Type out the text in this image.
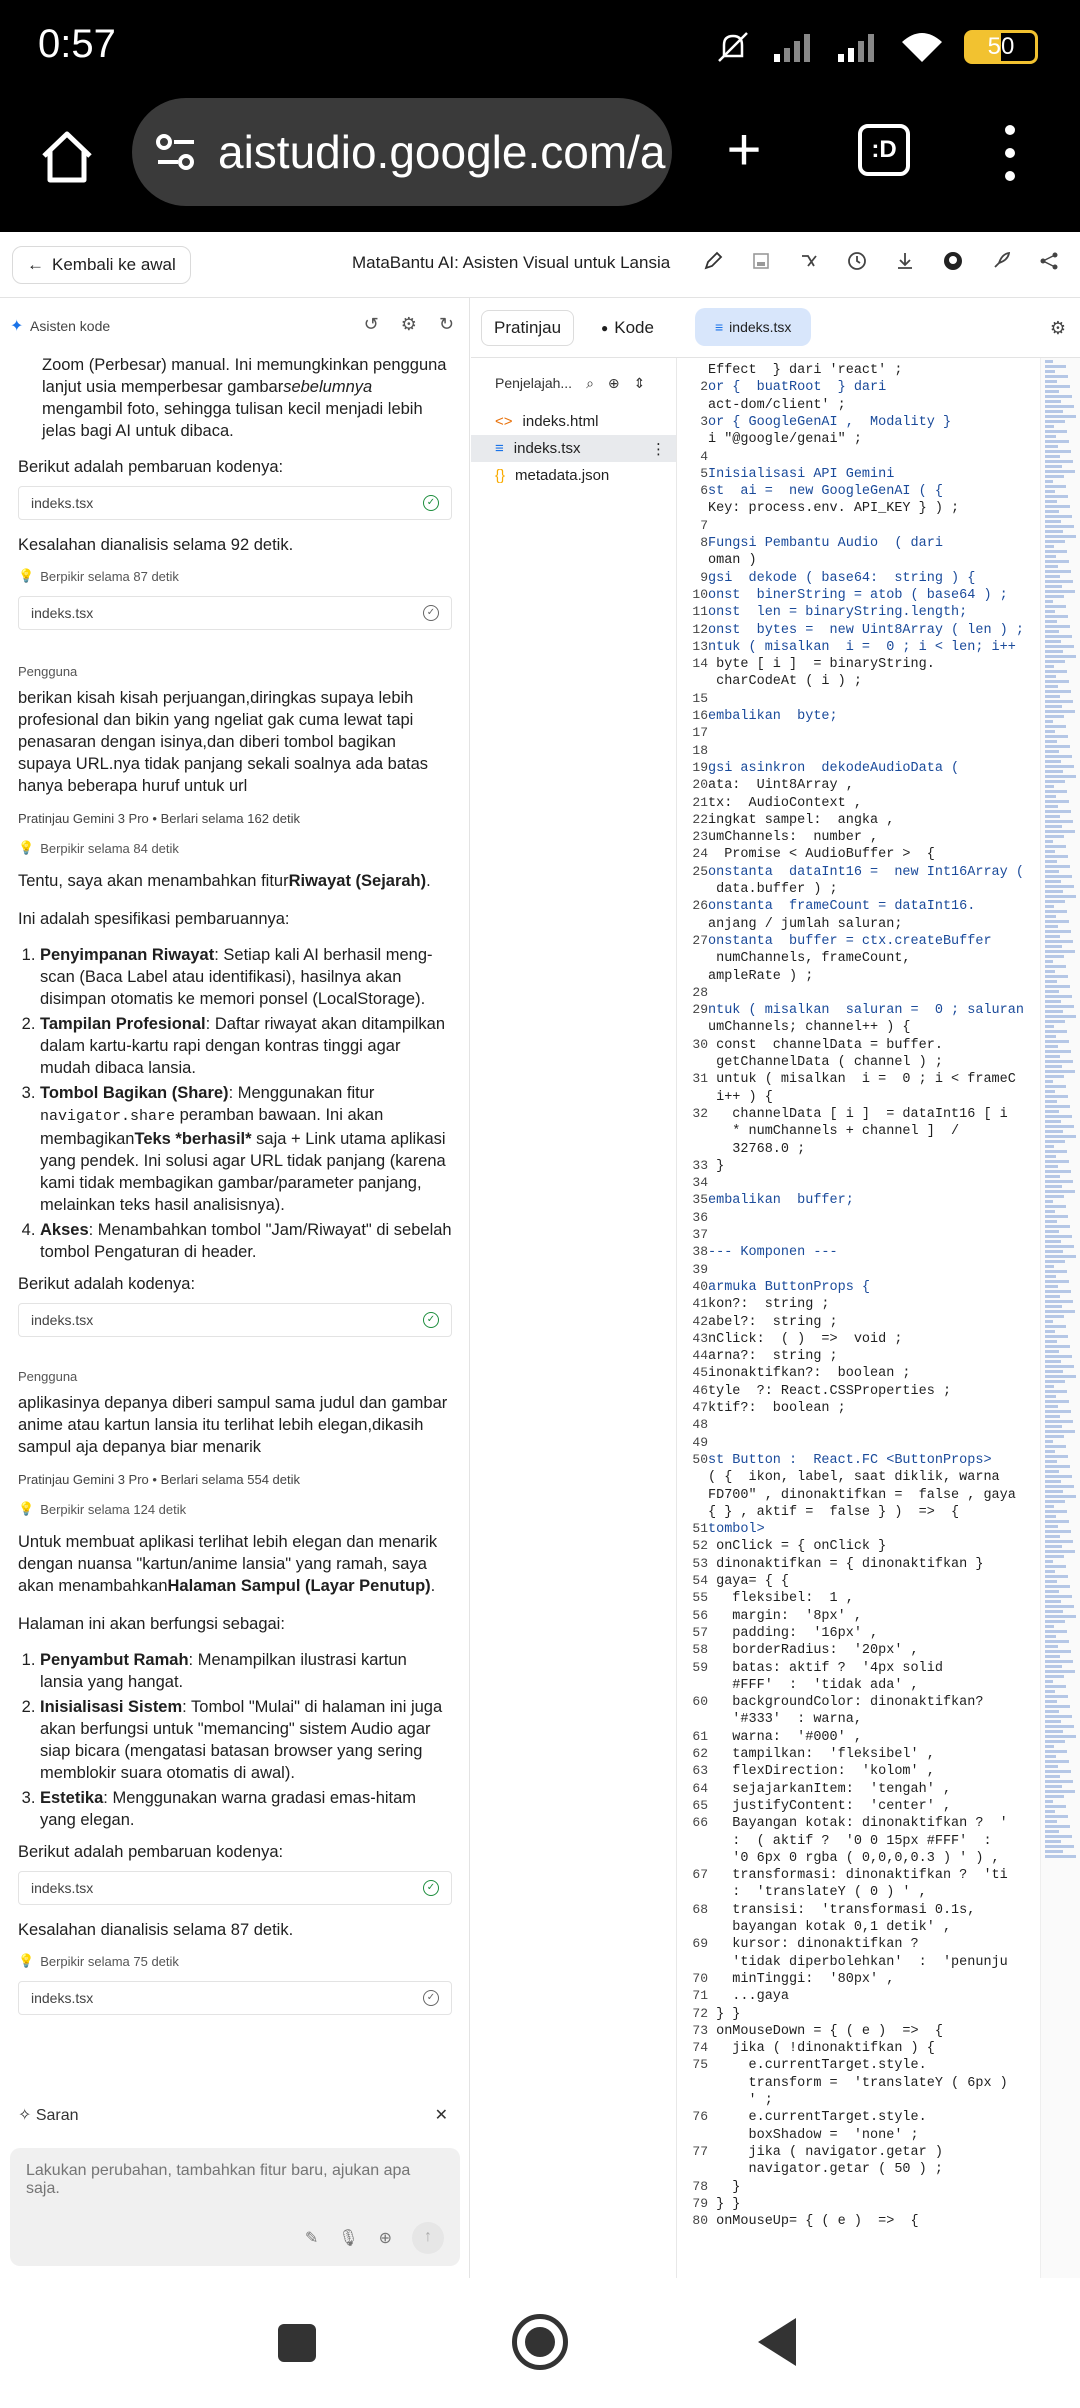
0:57	50
aistudio.google.com/a +	:D
← Kembali ke awal	MataBantu AI: Asisten Visual untuk Lansia
✦ Asisten kode	↺ ⚙ ↻

Zoom (Perbesar) manual. Ini memungkinkan pengguna lanjut usia memperbesar gambarsebelumnya mengambil foto, sehingga tulisan kecil menjadi lebih jelas bagi AI untuk dibaca.

Berikut adalah pembaruan kodenya:

indeks.tsx	✓

Kesalahan dianalisis selama 92 detik.

💡 Berpikir selama 87 detik
indeks.tsx	✓
Pengguna

berikan kisah kisah perjuangan,diringkas supaya lebih profesional dan bikin yang ngeliat gak cuma lewat tapi penasaran dengan isinya,dan diberi tombol bagikan supaya URL.nya tidak panjang sekali soalnya ada batas hanya beberapa huruf untuk url

Pratinjau Gemini 3 Pro • Berlari selama 162 detik
💡 Berpikir selama 84 detik

Tentu, saya akan menambahkan fiturRiwayat (Sejarah).

Ini adalah spesifikasi pembaruannya:

1. Penyimpanan Riwayat: Setiap kali AI berhasil meng-scan (Baca Label atau identifikasi), hasilnya akan disimpan otomatis ke memori ponsel (LocalStorage).
2. Tampilan Profesional: Daftar riwayat akan ditampilkan dalam kartu-kartu rapi dengan kontras tinggi agar mudah dibaca lansia.
3. Tombol Bagikan (Share): Menggunakan fitur navigator.share peramban bawaan. Ini akan membagikanTeks *berhasil* saja + Link utama aplikasi yang pendek. Ini solusi agar URL tidak panjang (karena kami tidak membagikan gambar/parameter panjang, melainkan teks hasil analisisnya).
4. Akses: Menambahkan tombol "Jam/Riwayat" di sebelah tombol Pengaturan di header.

Berikut adalah kodenya:

indeks.tsx	✓
Pengguna

aplikasinya depanya diberi sampul sama judul dan gambar anime atau kartun lansia itu terlihat lebih elegan,dikasih sampul aja depanya biar menarik

Pratinjau Gemini 3 Pro • Berlari selama 554 detik
💡 Berpikir selama 124 detik

Untuk membuat aplikasi terlihat lebih elegan dan menarik dengan nuansa "kartun/anime lansia" yang ramah, saya akan menambahkanHalaman Sampul (Layar Penutup).

Halaman ini akan berfungsi sebagai:

1. Penyambut Ramah: Menampilkan ilustrasi kartun lansia yang hangat.
2. Inisialisasi Sistem: Tombol "Mulai" di halaman ini juga akan berfungsi untuk "memancing" sistem Audio agar siap bicara (mengatasi batasan browser yang sering memblokir suara otomatis di awal).
3. Estetika: Menggunakan warna gradasi emas-hitam yang elegan.

Berikut adalah pembaruan kodenya:

indeks.tsx	✓

Kesalahan dianalisis selama 87 detik.

💡 Berpikir selama 75 detik
indeks.tsx	✓
✧ Saran	✕
Lakukan perubahan, tambahkan fitur baru, ajukan apa saja.
✎ 🎙 ⊕	↑
Pratinjau	● Kode	≡ indeks.tsx	⚙
Penjelajah... ⌕ ⊕ ⇕
<> indeks.html
≡ indeks.tsx	⋮
{} metadata.json
Effect  } dari 'react' ;
2 or {  buatRoot  } dari
act-dom/client' ;
3 or { GoogleGenAI ,  Modality }
i "@google/genai" ;
4
5 Inisialisasi API Gemini
6 st  ai =  new GoogleGenAI ( {
Key: process.env. API_KEY } ) ;
7
8 Fungsi Pembantu Audio  ( dari
oman )
9 gsi  dekode ( base64:  string ) {
10 onst  binerString = atob ( base64 ) ;
11 onst  len = binaryString.length;
12 onst  bytes =  new Uint8Array ( len ) ;
13 ntuk ( misalkan  i =  0 ; i < len; i++
14 byte [ i ]  = binaryString.
charCodeAt ( i ) ;
15
16 embalikan  byte;
17
18
19 gsi asinkron  dekodeAudioData (
20 ata:  Uint8Array ,
21 tx:  AudioContext ,
22 ingkat sampel:  angka ,
23 umChannels:  number ,
24 Promise < AudioBuffer >  {
25 onstanta  dataInt16 =  new Int16Array (
data.buffer ) ;
26 onstanta  frameCount = dataInt16.
anjang / jumlah saluran;
27 onstanta  buffer = ctx.createBuffer
numChannels, frameCount,
ampleRate ) ;
28
29 ntuk ( misalkan  saluran =  0 ; saluran
umChannels; channel++ ) {
30 const  channelData = buffer.
getChannelData ( channel ) ;
31 untuk ( misalkan  i =  0 ; i < frameC
i++ ) {
32 channelData [ i ]  = dataInt16 [ i
* numChannels + channel ]  /
32768.0 ;
33 }
34
35 embalikan  buffer;
36
37
38 --- Komponen ---
39
40 armuka ButtonProps {
41 kon?:  string ;
42 abel?:  string ;
43 nClick:  ( )  =>  void ;
44 arna?:  string ;
45 inonaktifkan?:  boolean ;
46 tyle  ?: React.CSSProperties ;
47 ktif?:  boolean ;
48
49
50 st Button :  React.FC <ButtonProps>
( {  ikon, label, saat diklik, warna
FD700" , dinonaktifkan =  false , gaya
{ } , aktif =  false } )  =>  {
51 tombol>
52 onClick = { onClick }
53 dinonaktifkan = { dinonaktifkan }
54 gaya= { {
55 fleksibel:  1 ,
56 margin:  '8px' ,
57 padding:  '16px' ,
58 borderRadius:  '20px' ,
59 batas: aktif ?  '4px solid
#FFF'  :  'tidak ada' ,
60 backgroundColor: dinonaktifkan?
'#333'  : warna,
61 warna:  '#000' ,
62 tampilkan:  'fleksibel' ,
63 flexDirection:  'kolom' ,
64 sejajarkanItem:  'tengah' ,
65 justifyContent:  'center' ,
66 Bayangan kotak: dinonaktifkan ?  '
:  ( aktif ?  '0 0 15px #FFF'  :
'0 6px 0 rgba ( 0,0,0,0.3 ) ' ) ,
67 transformasi: dinonaktifkan ?  'ti
:  'translateY ( 0 ) ' ,
68 transisi:  'transformasi 0.1s,
bayangan kotak 0,1 detik' ,
69 kursor: dinonaktifkan ?
'tidak diperbolehkan'  :  'penunju
70 minTinggi:  '80px' ,
71 ...gaya
72 } }
73 onMouseDown = { ( e )  =>  {
74 jika ( !dinonaktifkan ) {
75 e.currentTarget.style.
transform =  'translateY ( 6px )
' ;
76 e.currentTarget.style.
boxShadow =  'none' ;
77 jika ( navigator.getar )
navigator.getar ( 50 ) ;
78 }
79 } }
80 onMouseUp= { ( e )  =>  {
